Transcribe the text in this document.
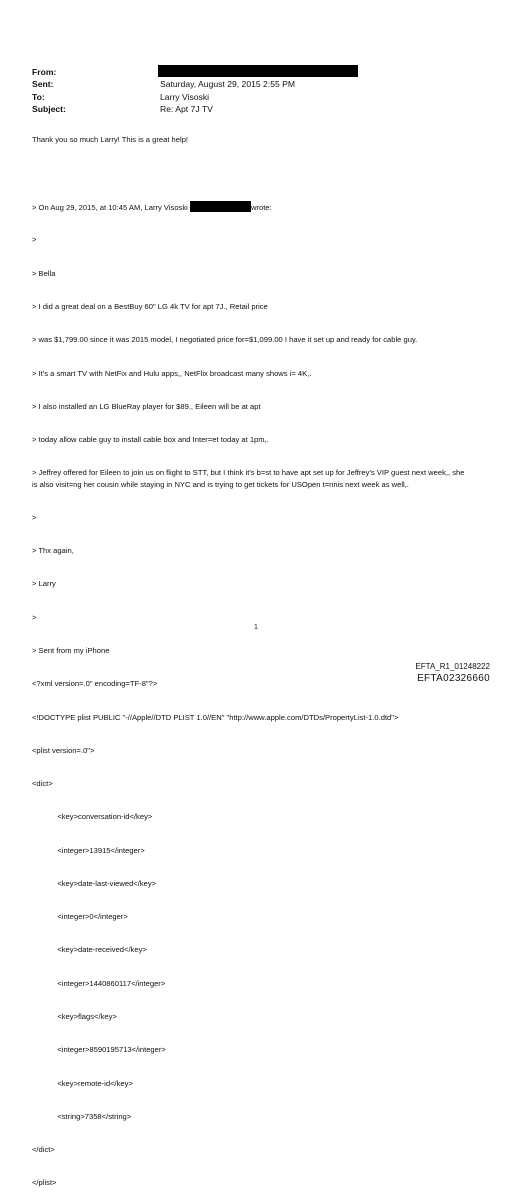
From:
Sent:	Saturday, August 29, 2015 2:55 PM
To:	Larry Visoski
Subject:	Re: Apt 7J TV
Thank you so much Larry! This is a great help!

> On Aug 29, 2015, at 10:45 AM, Larry Visoski	wrote:

>

> Bella

> I did a great deal on a BestBuy 60" LG 4k TV for apt 7J., Retail price

> was $1,799.00 since it was 2015 model, I negotiated price for=$1,099.00 I have it set up and ready for cable guy.

> It's a smart TV with NetFix and Hulu apps,, NetFlix broadcast many shows i= 4K,.

> I also installed an LG BlueRay player for $89., Eileen will be at apt

> today allow cable guy to install cable box and Inter=et today at 1pm,.

> Jeffrey offered for Eileen to join us on flight to STT, but I think it's b=st to have apt set up for Jeffrey's VIP guest next week,, she is also visit=ng her cousin while staying in NYC and is trying to get tickets for USOpen t=nnis next week as well,.

>

> Thx again,

> Larry

>

> Sent from my iPhone

<?xml version=.0" encoding=TF-8"?>

<!DOCTYPE plist PUBLIC "-//Apple//DTD PLIST 1.0//EN" "http://www.apple.com/DTDs/PropertyList-1.0.dtd">

<plist version=.0">

<dict>

<key>conversation-id</key>

<integer>13915</integer>

<key>date-last-viewed</key>

<integer>0</integer>

<key>date-received</key>

<integer>1440860117</integer>

<key>flags</key>

<integer>8590195713</integer>

<key>remote-id</key>

<string>7358</string>

</dict>

</plist>

1
EFTA_R1_01248222
EFTA02326660
